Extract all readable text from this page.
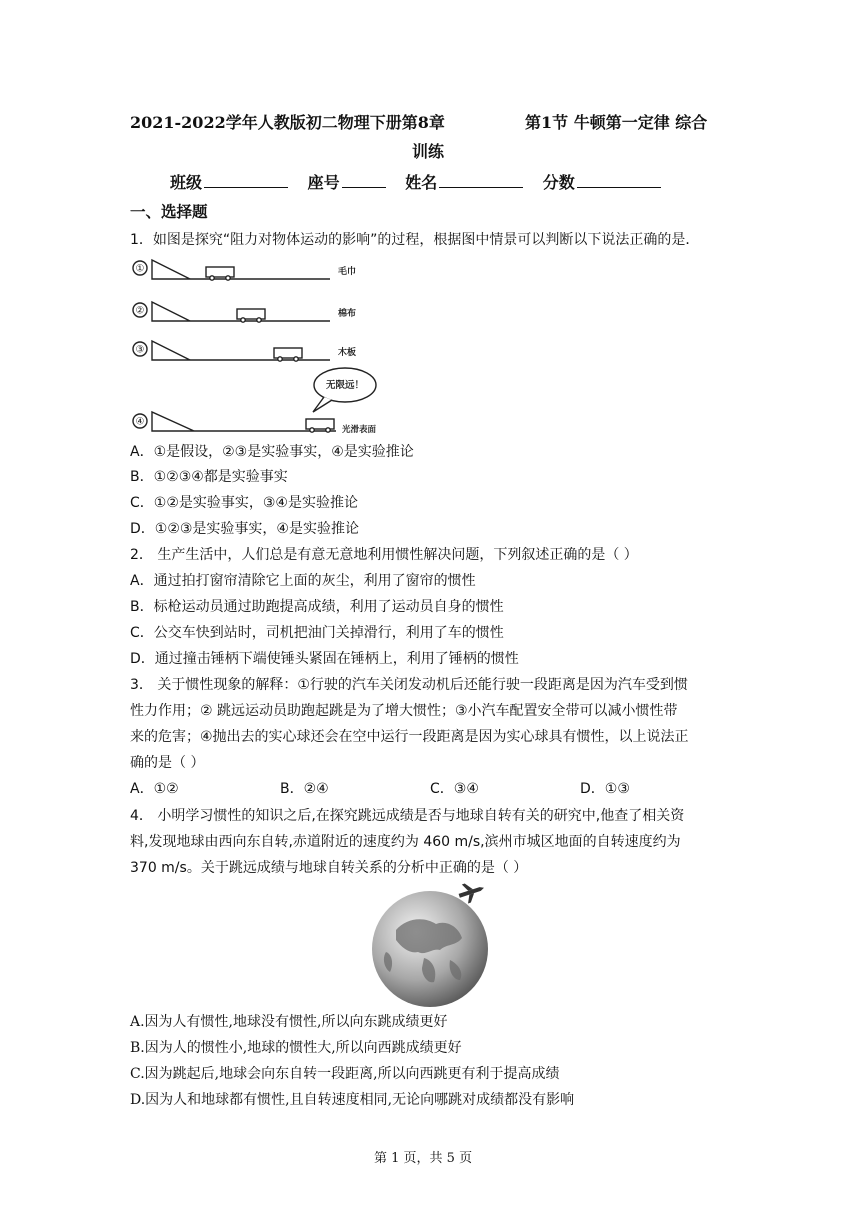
2021-2022学年人教版初二物理下册第8章	第1节 牛顿第一定律 综合
训练
班级	座号	姓名	分数
一、选择题
1．如图是探究“阻力对物体运动的影响”的过程，根据图中情景可以判断以下说法正确的是．
①
②
③
④
毛巾
棉布
木板
光滑表面
无限远！
A．①是假设，②③是实验事实，④是实验推论
B．①②③④都是实验事实
C．①②是实验事实，③④是实验推论
D．①②③是实验事实，④是实验推论
2． 生产生活中，人们总是有意无意地利用惯性解决问题，下列叙述正确的是（ ）
A．通过拍打窗帘清除它上面的灰尘，利用了窗帘的惯性
B．标枪运动员通过助跑提高成绩，利用了运动员自身的惯性
C．公交车快到站时，司机把油门关掉滑行，利用了车的惯性
D．通过撞击锤柄下端使锤头紧固在锤柄上，利用了锤柄的惯性
3． 关于惯性现象的解释：①行驶的汽车关闭发动机后还能行驶一段距离是因为汽车受到惯
性力作用；② 跳远运动员助跑起跳是为了增大惯性；③小汽车配置安全带可以减小惯性带
来的危害；④抛出去的实心球还会在空中运行一段距离是因为实心球具有惯性，以上说法正
确的是（ ）
A．①②	B．②④	C．③④	D．①③
4． 小明学习惯性的知识之后,在探究跳远成绩是否与地球自转有关的研究中,他查了相关资
料,发现地球由西向东自转,赤道附近的速度约为 460 m/s,滨州市城区地面的自转速度约为
370 m/s。关于跳远成绩与地球自转关系的分析中正确的是（ ）
A.因为人有惯性,地球没有惯性,所以向东跳成绩更好
B.因为人的惯性小,地球的惯性大,所以向西跳成绩更好
C.因为跳起后,地球会向东自转一段距离,所以向西跳更有利于提高成绩
D.因为人和地球都有惯性,且自转速度相同,无论向哪跳对成绩都没有影响
第 1 页，共 5 页
